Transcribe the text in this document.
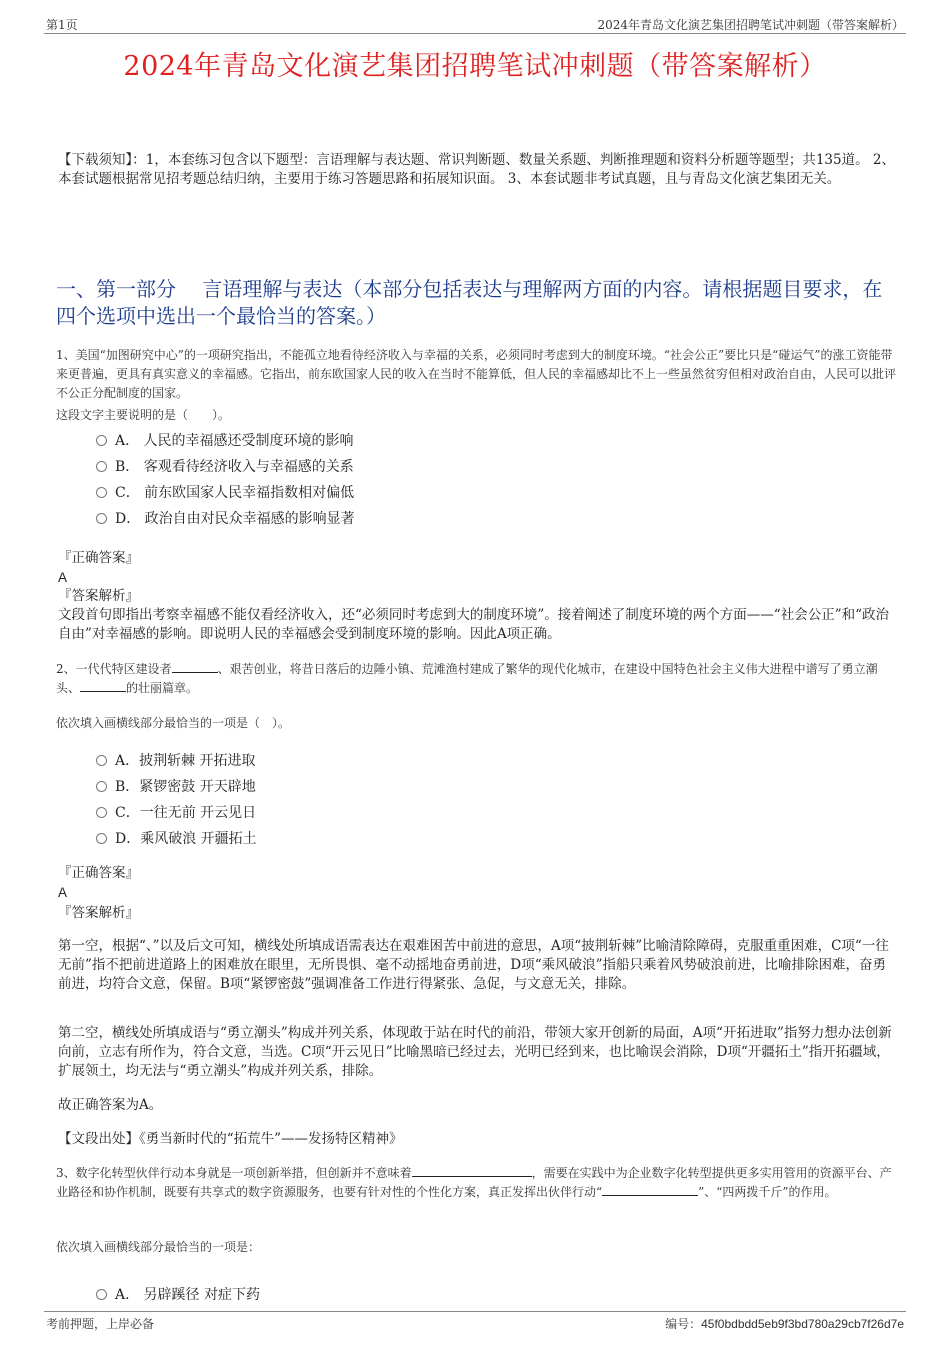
第1页	2024年青岛文化演艺集团招聘笔试冲刺题（带答案解析）
2024年青岛文化演艺集团招聘笔试冲刺题（带答案解析）
【下载须知】：1，本套练习包含以下题型：言语理解与表达题、常识判断题、数量关系题、判断推理题和资料分析题等题型；共135道。 2、本套试题根据常见招考题总结归纳，主要用于练习答题思路和拓展知识面。 3、本套试题非考试真题，且与青岛文化演艺集团无关。
一、第一部分　 言语理解与表达（本部分包括表达与理解两方面的内容。请根据题目要求，在四个选项中选出一个最恰当的答案。）
1、美国“加图研究中心”的一项研究指出，不能孤立地看待经济收入与幸福的关系，必须同时考虑到大的制度环境。“社会公正”要比只是“碰运气”的涨工资能带来更普遍，更具有真实意义的幸福感。它指出，前东欧国家人民的收入在当时不能算低，但人民的幸福感却比不上一些虽然贫穷但相对政治自由，人民可以批评不公正分配制度的国家。
这段文字主要说明的是（　　）。
A． 人民的幸福感还受制度环境的影响
B． 客观看待经济收入与幸福感的关系
C． 前东欧国家人民幸福指数相对偏低
D． 政治自由对民众幸福感的影响显著
『正确答案』
A
『答案解析』
文段首句即指出考察幸福感不能仅看经济收入，还“必须同时考虑到大的制度环境”。接着阐述了制度环境的两个方面——“社会公正”和“政治自由”对幸福感的影响。即说明人民的幸福感会受到制度环境的影响。因此A项正确。
2、一代代特区建设者	、艰苦创业，将昔日落后的边陲小镇、荒滩渔村建成了繁华的现代化城市，在建设中国特色社会主义伟大进程中谱写了勇立潮头、	的壮丽篇章。
依次填入画横线部分最恰当的一项是（　）。
A．披荆斩棘 开拓进取
B．紧锣密鼓 开天辟地
C．一往无前 开云见日
D．乘风破浪 开疆拓土
『正确答案』
A
『答案解析』
第一空，根据“、”以及后文可知，横线处所填成语需表达在艰难困苦中前进的意思，A项“披荆斩棘”比喻清除障碍，克服重重困难，C项“一往无前”指不把前进道路上的困难放在眼里，无所畏惧、毫不动摇地奋勇前进，D项“乘风破浪”指船只乘着风势破浪前进，比喻排除困难，奋勇前进，均符合文意，保留。B项“紧锣密鼓”强调准备工作进行得紧张、急促，与文意无关，排除。
第二空，横线处所填成语与“勇立潮头”构成并列关系，体现敢于站在时代的前沿，带领大家开创新的局面，A项“开拓进取”指努力想办法创新向前，立志有所作为，符合文意，当选。C项“开云见日”比喻黑暗已经过去，光明已经到来，也比喻误会消除，D项“开疆拓土”指开拓疆域，扩展领土，均无法与“勇立潮头”构成并列关系，排除。
故正确答案为A。
【文段出处】《勇当新时代的“拓荒牛”——发扬特区精神》
3、数字化转型伙伴行动本身就是一项创新举措，但创新并不意味着	，需要在实践中为企业数字化转型提供更多实用管用的资源平台、产业路径和协作机制，既要有共享式的数字资源服务，也要有针对性的个性化方案，真正发挥出伙伴行动“	”、“四两拨千斤”的作用。
依次填入画横线部分最恰当的一项是：
A． 另辟蹊径 对症下药
考前押题，上岸必备	编号：45f0bdbdd5eb9f3bd780a29cb7f26d7e
